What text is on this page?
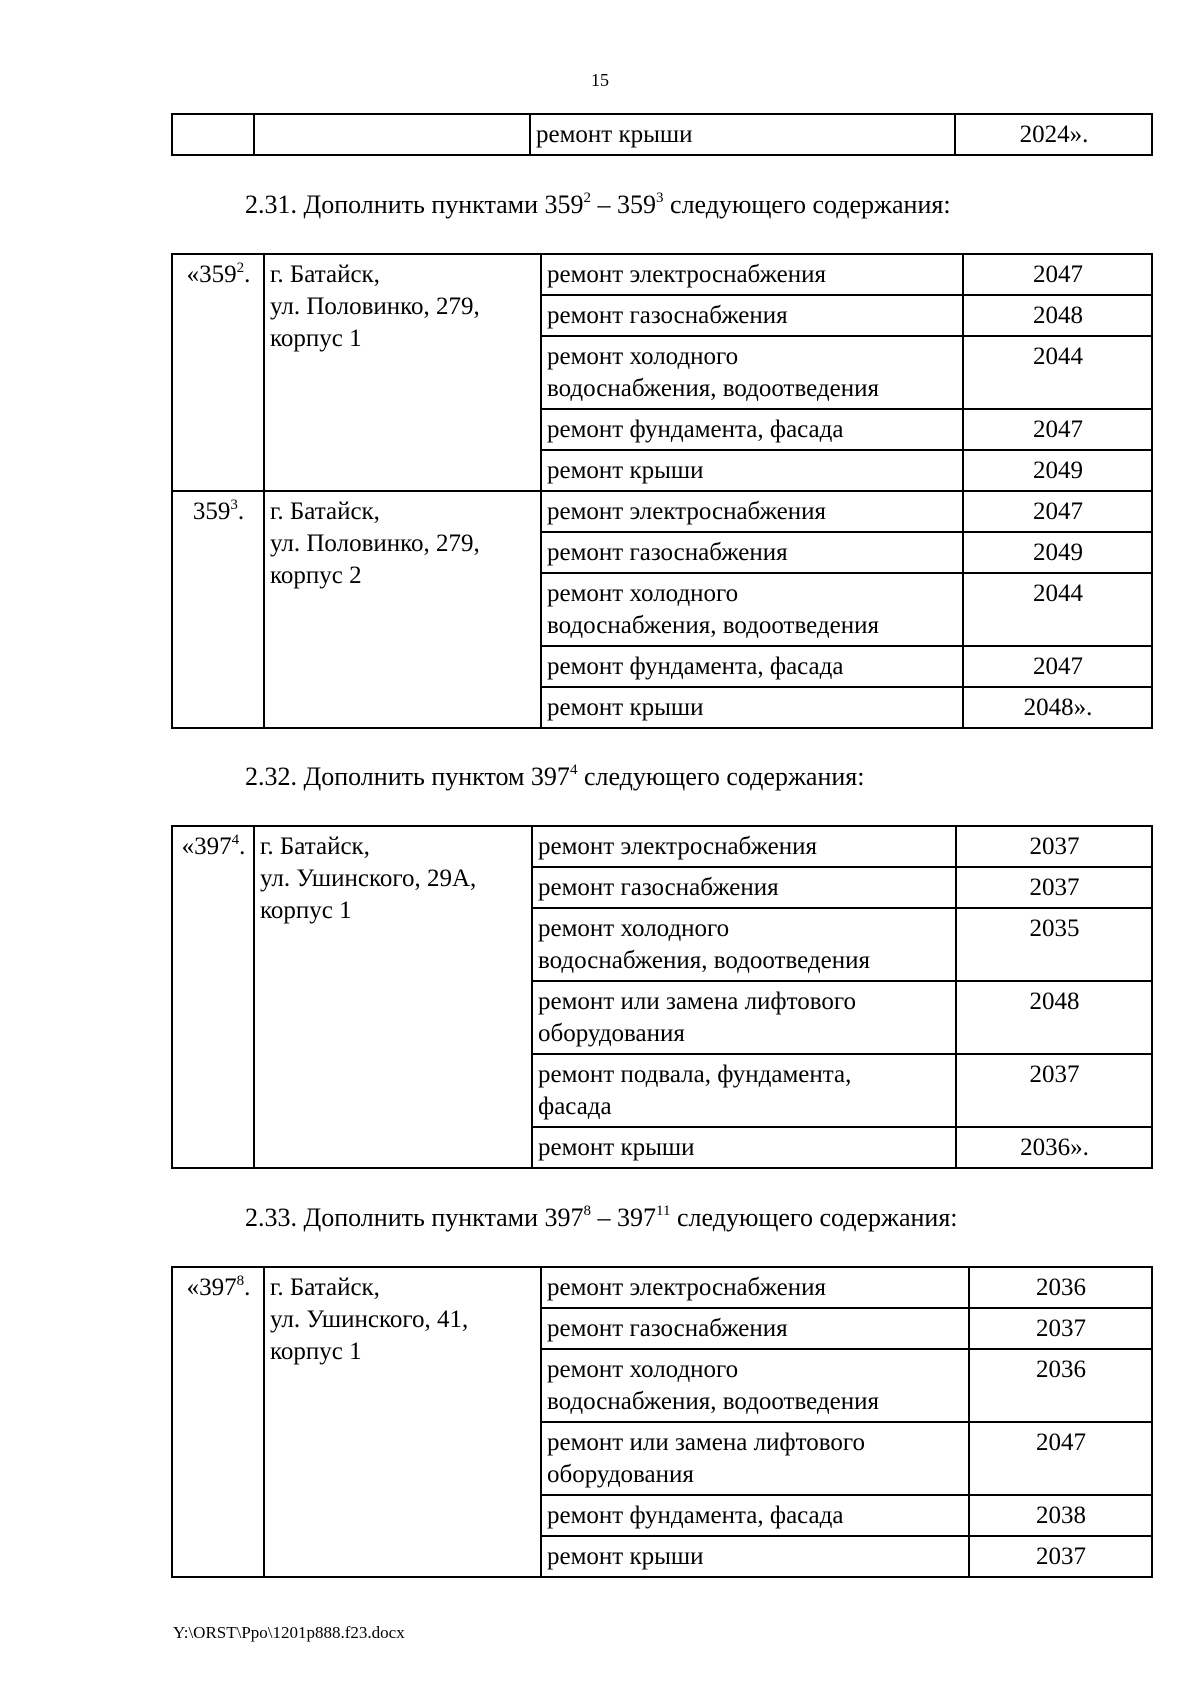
15
		ремонт крыши	2024».
2.31. Дополнить пунктами $359^2 - 359^3$ следующего содержания:
«$359^2$.	г. Батайск,
ул. Половинко, 279,
корпус 1	ремонт электроснабжения	2047
		ремонт газоснабжения	2048

		ремонт холодного
водоснабжения, водоотведения	2044
		ремонт фундамента, фасада	2047
		ремонт крыши	2049
$359^3$.	г. Батайск,
ул. Половинко, 279,
корпус 2	ремонт электроснабжения	2047
		ремонт газоснабжения	2049

		ремонт холодного
водоснабжения, водоотведения	2044
		ремонт фундамента, фасада	2047
		ремонт крыши	2048».
2.32. Дополнить пунктом $397^4$ следующего содержания:
«$397^4$.	г. Батайск,
ул. Ушинского, 29А,
корпус 1	ремонт электроснабжения	2037
		ремонт газоснабжения	2037

		ремонт холодного
водоснабжения, водоотведения	2035

		ремонт или замена лифтового
оборудования	2048

		ремонт подвала, фундамента,
фасада	2037
		ремонт крыши	2036».
2.33. Дополнить пунктами $397^8 - 397^{11}$ следующего содержания:
«$397^8$.	г. Батайск,
ул. Ушинского, 41,
корпус 1	ремонт электроснабжения	2036
		ремонт газоснабжения	2037

		ремонт холодного
водоснабжения, водоотведения	2036

		ремонт или замена лифтового
оборудования	2047
		ремонт фундамента, фасада	2038
		ремонт крыши	2037
Y:\ORST\Ppo\1201p888.f23.docx
